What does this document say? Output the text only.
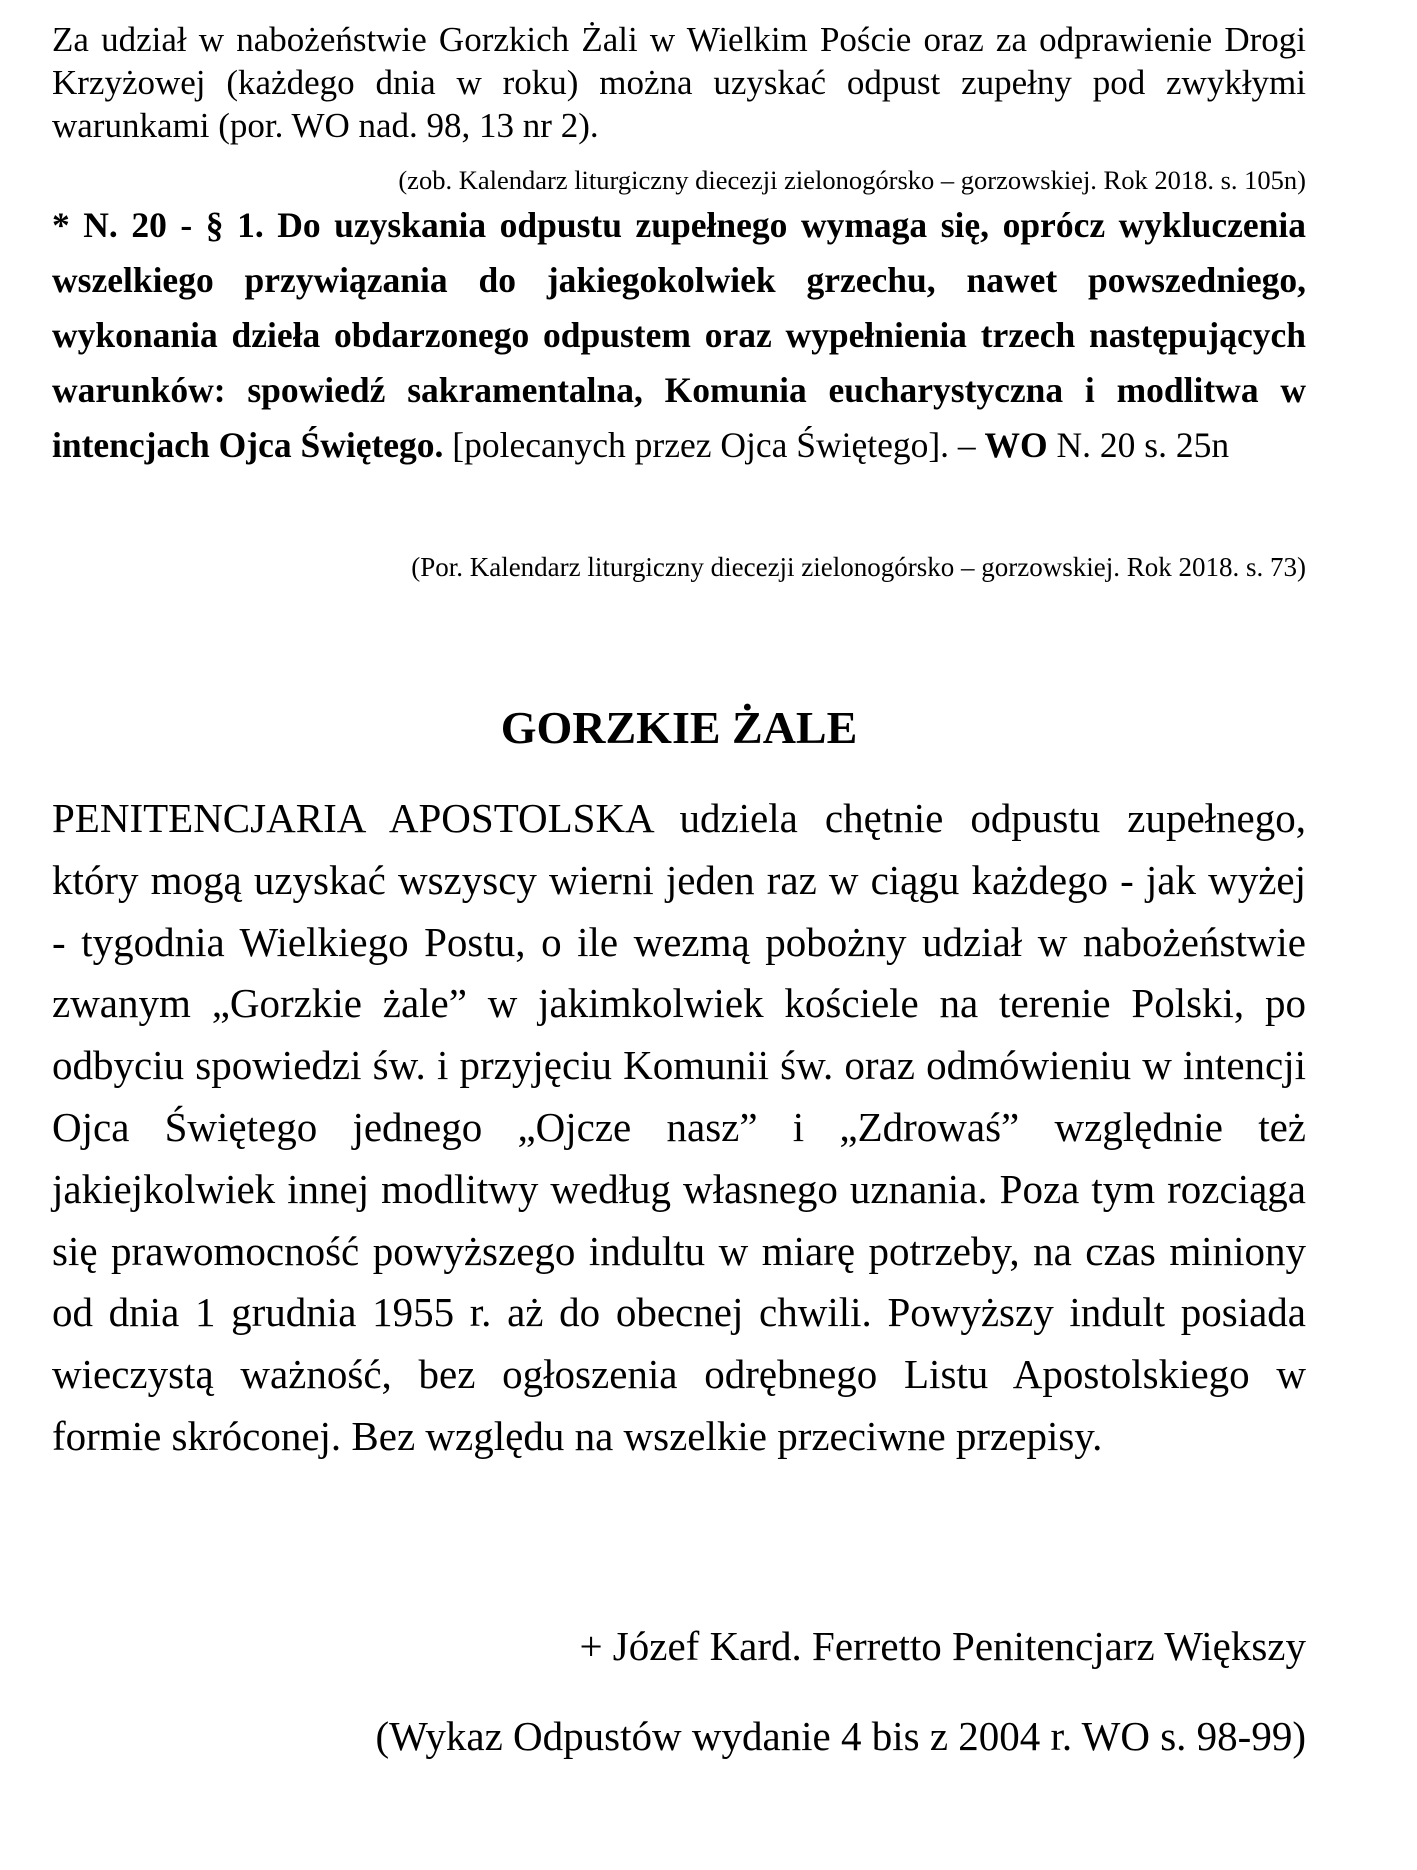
Za udział w nabożeństwie Gorzkich Żali w Wielkim Poście oraz za odprawienie Drogi Krzyżowej (każdego dnia w roku) można uzyskać odpust zupełny pod zwykłymi warunkami (por. WO nad. 98, 13 nr 2).

(zob. Kalendarz liturgiczny diecezji zielonogórsko – gorzowskiej. Rok 2018. s. 105n)

* N. 20 - § 1. Do uzyskania odpustu zupełnego wymaga się, oprócz wykluczenia wszelkiego przywiązania do jakiegokolwiek grzechu, nawet powszedniego, wykonania dzieła obdarzonego odpustem oraz wypełnienia trzech następujących warunków: spowiedź sakramentalna, Komunia eucharystyczna i modlitwa w intencjach Ojca Świętego. [polecanych przez Ojca Świętego]. – WO N. 20 s. 25n

(Por. Kalendarz liturgiczny diecezji zielonogórsko – gorzowskiej. Rok 2018. s. 73)

GORZKIE ŻALE

PENITENCJARIA APOSTOLSKA udziela chętnie odpustu zupełnego, który mogą uzyskać wszyscy wierni jeden raz w ciągu każdego - jak wyżej - tygodnia Wielkiego Postu, o ile wezmą pobożny udział w nabożeństwie zwanym „Gorzkie żale” w jakimkolwiek kościele na terenie Polski, po odbyciu spowiedzi św. i przyjęciu Komunii św. oraz odmówieniu w intencji Ojca Świętego jednego „Ojcze nasz” i „Zdrowaś” względnie też jakiejkolwiek innej modlitwy według własnego uznania. Poza tym rozciąga się prawomocność powyższego indultu w miarę potrzeby, na czas miniony od dnia 1 grudnia 1955 r. aż do obecnej chwili. Powyższy indult posiada wieczystą ważność, bez ogłoszenia odrębnego Listu Apostolskiego w formie skróconej. Bez względu na wszelkie przeciwne przepisy.

+ Józef Kard. Ferretto Penitencjarz Większy

(Wykaz Odpustów wydanie 4 bis z 2004 r. WO s. 98-99)
